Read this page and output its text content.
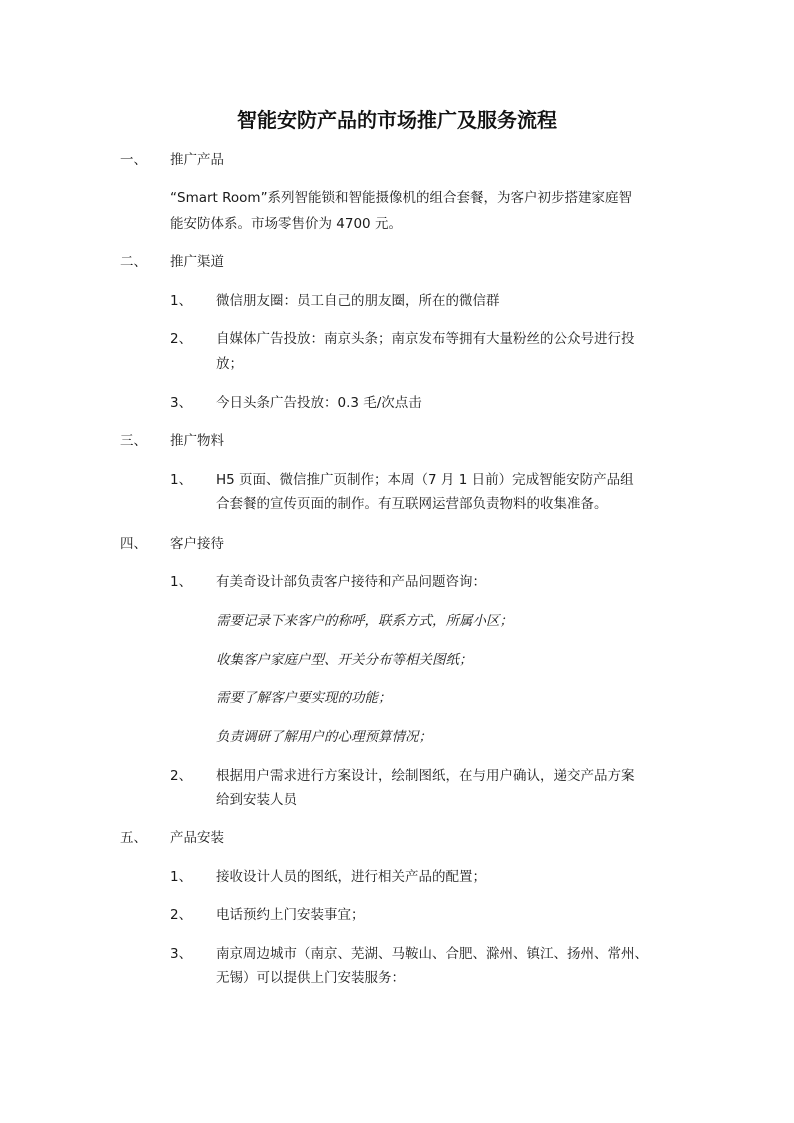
智能安防产品的市场推广及服务流程
一、 推广产品
“Smart Room”系列智能锁和智能摄像机的组合套餐，为客户初步搭建家庭智
能安防体系。市场零售价为 4700 元。
二、 推广渠道
1、 微信朋友圈：员工自己的朋友圈，所在的微信群
2、 自媒体广告投放：南京头条；南京发布等拥有大量粉丝的公众号进行投
放；
3、 今日头条广告投放：0.3 毛/次点击
三、 推广物料
1、 H5 页面、微信推广页制作；本周（7 月 1 日前）完成智能安防产品组
合套餐的宣传页面的制作。有互联网运营部负责物料的收集准备。
四、 客户接待
1、 有美奇设计部负责客户接待和产品问题咨询：
需要记录下来客户的称呼，联系方式，所属小区；
收集客户家庭户型、开关分布等相关图纸；
需要了解客户要实现的功能；
负责调研了解用户的心理预算情况；
2、 根据用户需求进行方案设计，绘制图纸，在与用户确认，递交产品方案
给到安装人员
五、 产品安装
1、 接收设计人员的图纸，进行相关产品的配置；
2、 电话预约上门安装事宜；
3、 南京周边城市（南京、芜湖、马鞍山、合肥、滁州、镇江、扬州、常州、
无锡）可以提供上门安装服务：
